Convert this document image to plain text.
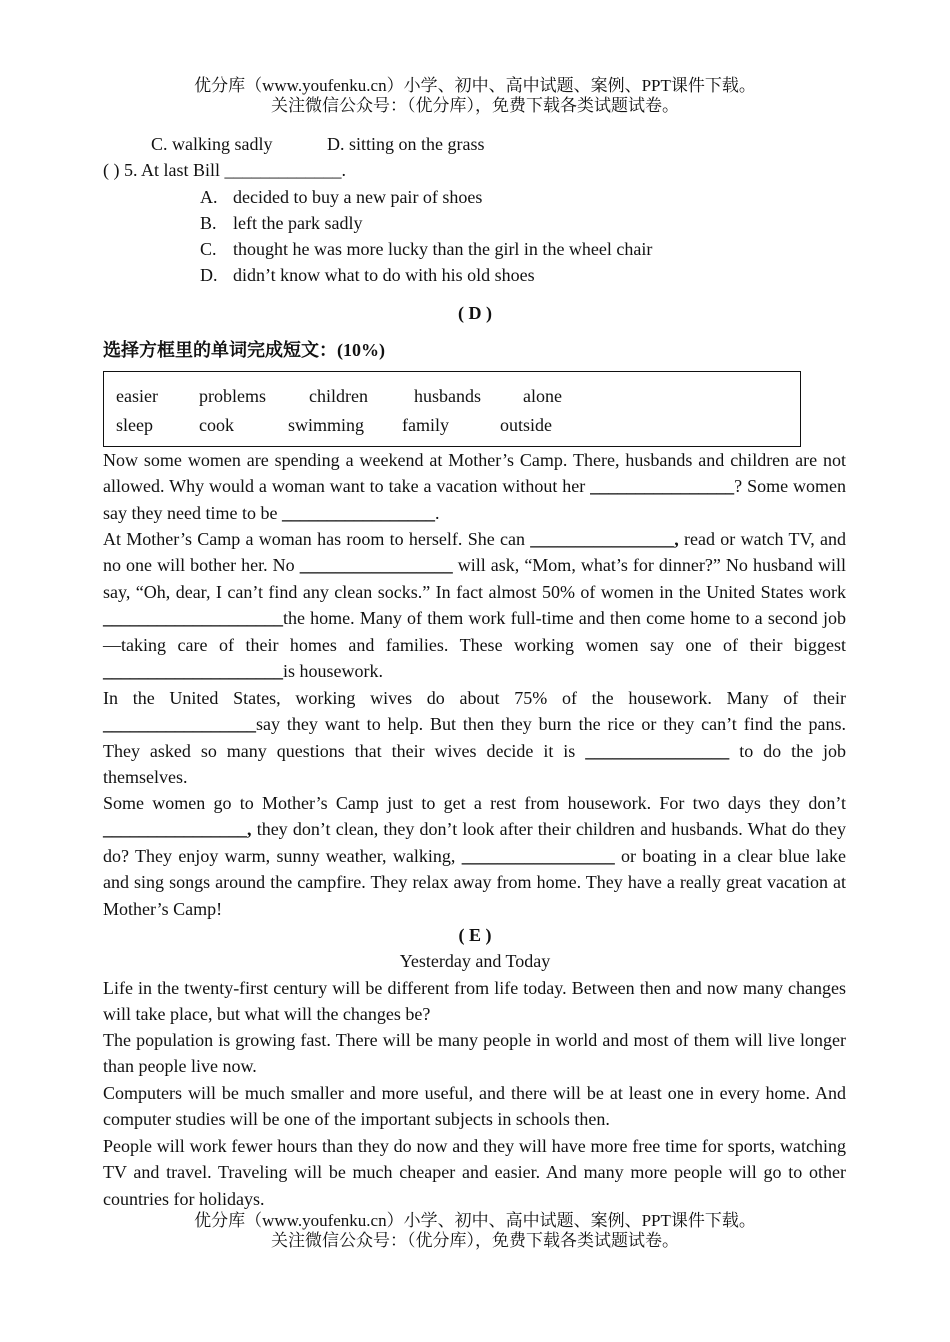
优分库（www.youfenku.cn）小学、初中、高中试题、案例、PPT课件下载。
关注微信公众号：（优分库），免费下载各类试题试卷。
C. walking sadly	D. sitting on the grass
( ) 5. At last Bill _____________.
A. decided to buy a new pair of shoes
B. left the park sadly
C. thought he was more lucky than the girl in the wheel chair
D. didn’t know what to do with his old shoes
( D )
选择方框里的单词完成短文：(10%)
easier problems children	husbands alone
sleep	cook	swimming family	outside
Now some women are spending a weekend at Mother’s Camp. There, husbands and children are not allowed. Why would a woman want to take a vacation without her ________________? Some women say they need time to be _________________.
At Mother’s Camp a woman has room to herself. She can ________________, read or watch TV, and no one will bother her. No _________________ will ask, “Mom, what’s for dinner?” No husband will say, “Oh, dear, I can’t find any clean socks.” In fact almost 50% of women in the United States work ____________________the home. Many of them work full-time and then come home to a second job—taking care of their homes and families. These working women say one of their biggest ____________________is housework.
In the United States, working wives do about 75% of the housework. Many of their _________________say they want to help. But then they burn the rice or they can’t find the pans. They asked so many questions that their wives decide it is ________________ to do the job themselves.
Some women go to Mother’s Camp just to get a rest from housework. For two days they don’t ________________, they don’t clean, they don’t look after their children and husbands. What do they do? They enjoy warm, sunny weather, walking, _________________ or boating in a clear blue lake and sing songs around the campfire. They relax away from home. They have a really great vacation at Mother’s Camp!
( E )
Yesterday and Today
Life in the twenty-first century will be different from life today. Between then and now many changes will take place, but what will the changes be?
The population is growing fast. There will be many people in world and most of them will live longer than people live now.
Computers will be much smaller and more useful, and there will be at least one in every home. And computer studies will be one of the important subjects in schools then.
People will work fewer hours than they do now and they will have more free time for sports, watching TV and travel. Traveling will be much cheaper and easier. And many more people will go to other countries for holidays.
优分库（www.youfenku.cn）小学、初中、高中试题、案例、PPT课件下载。
关注微信公众号：（优分库），免费下载各类试题试卷。
